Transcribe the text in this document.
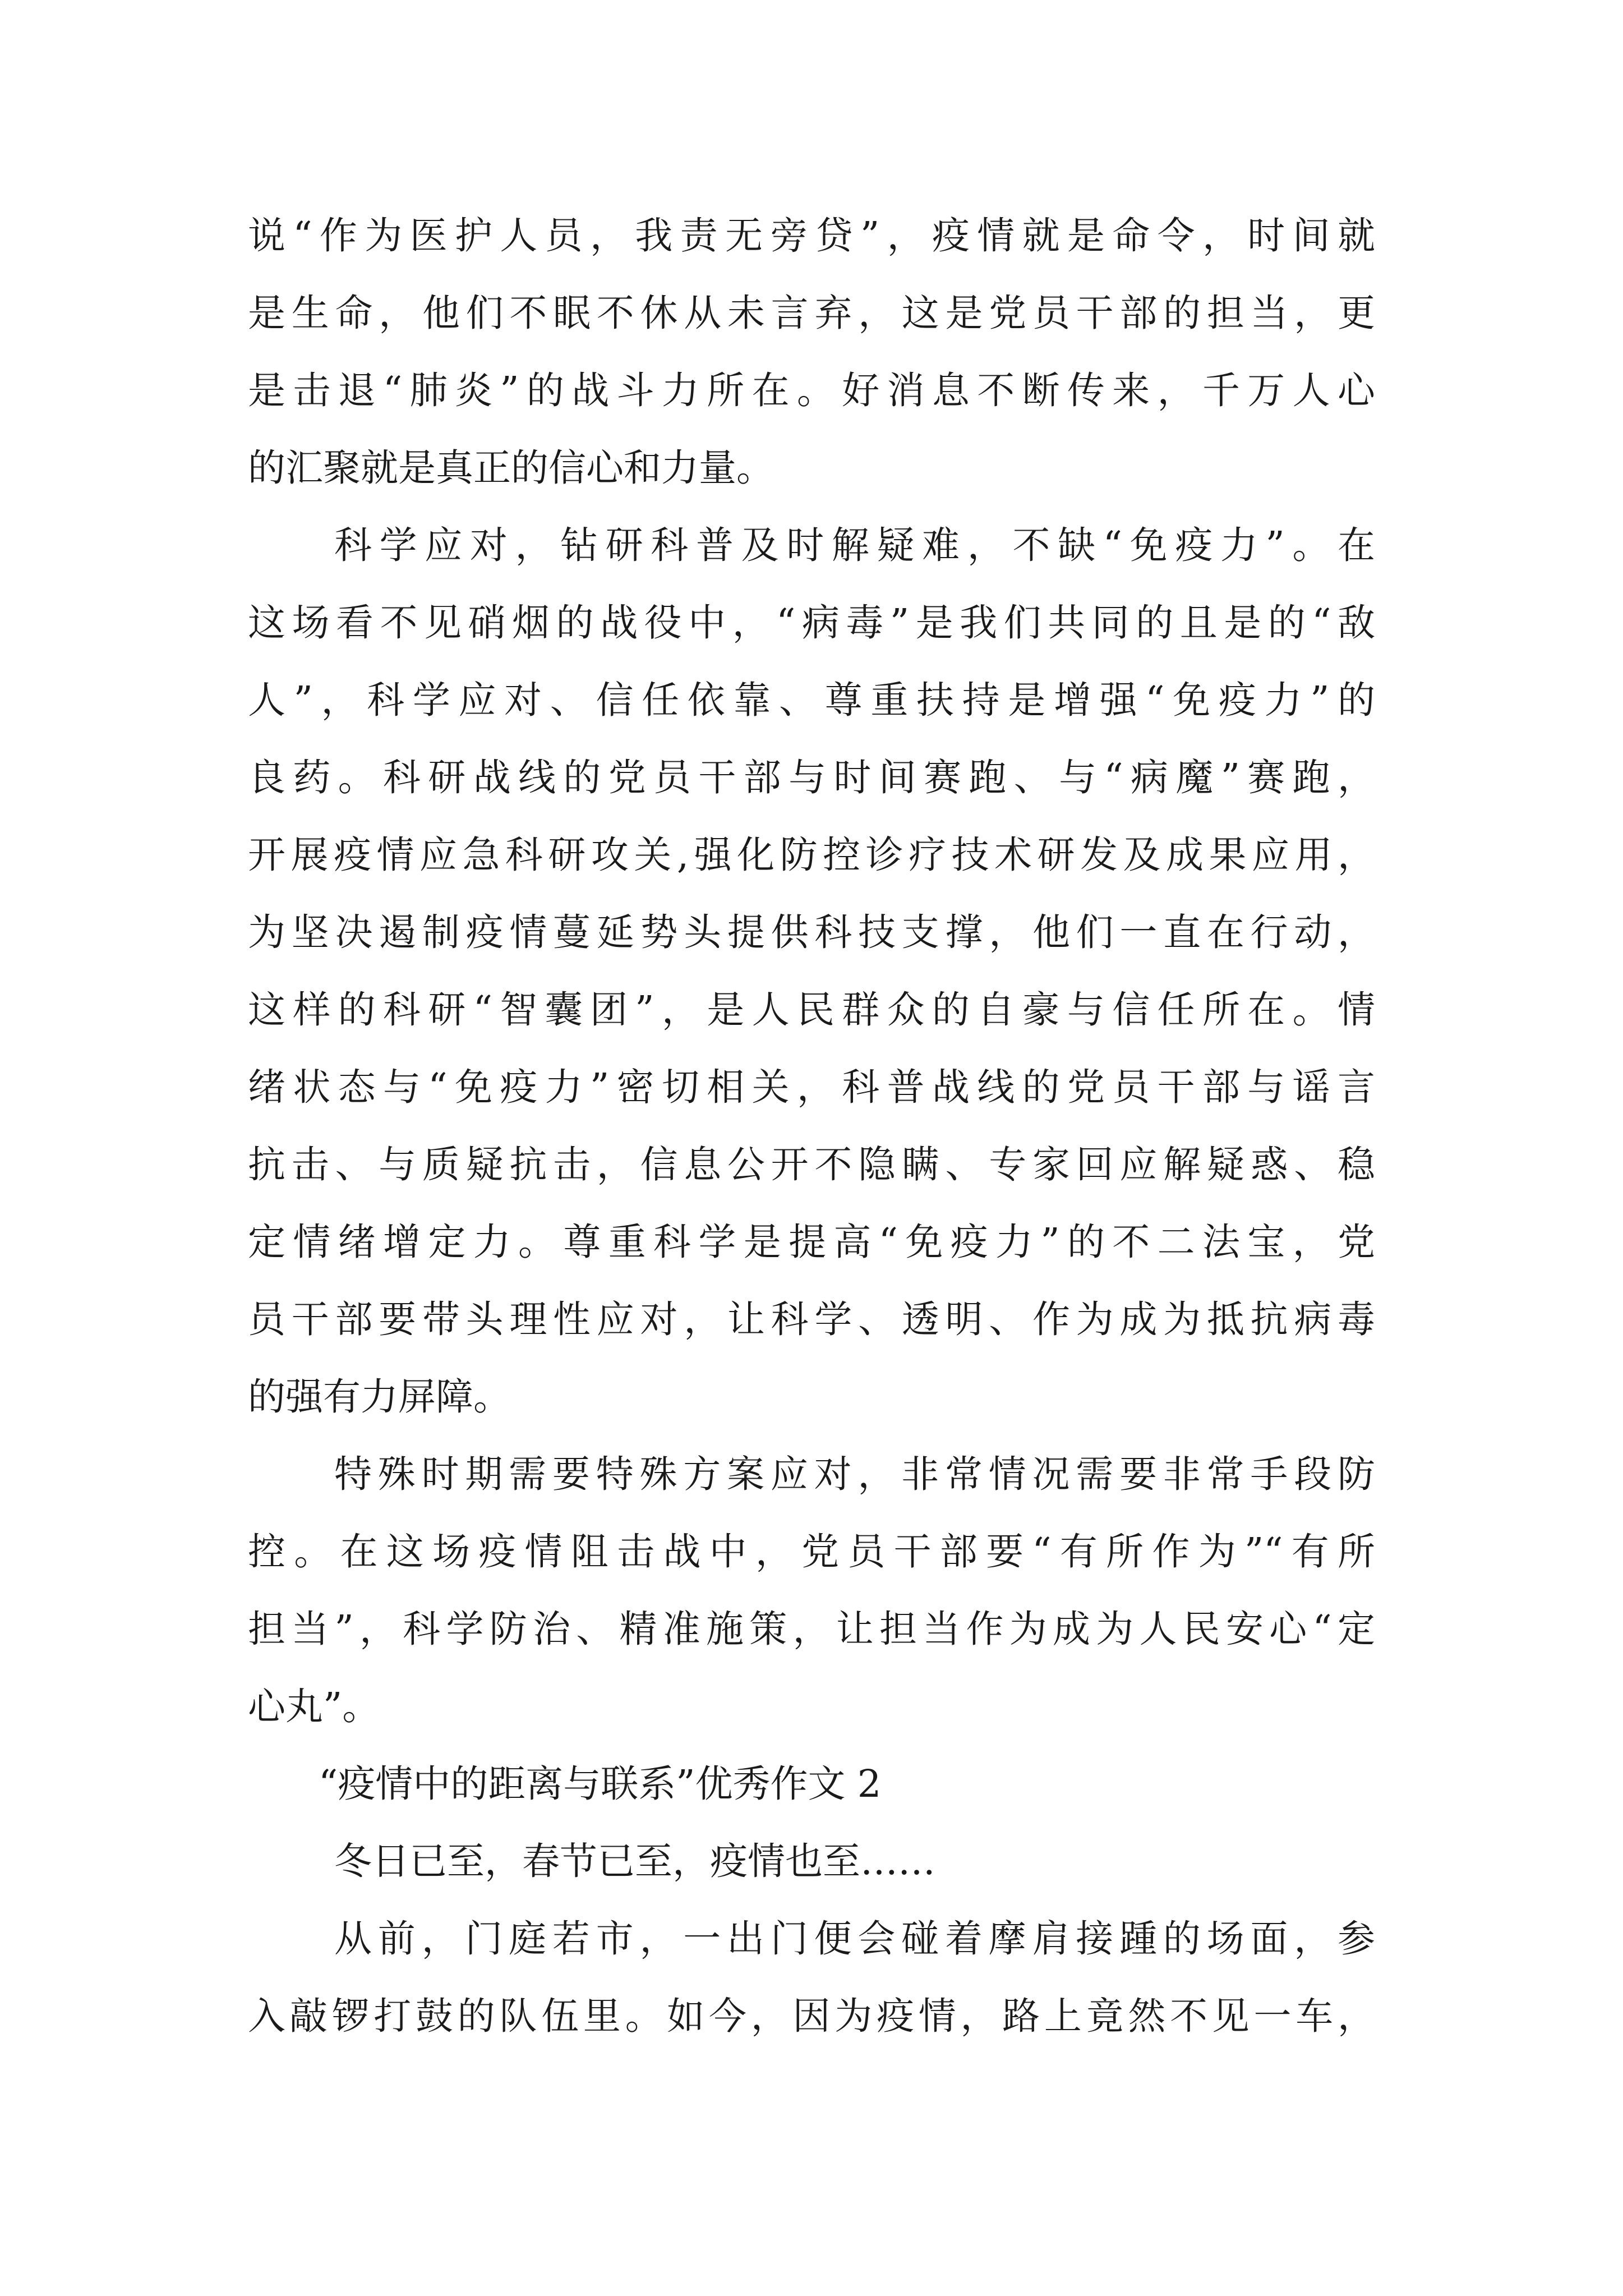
说“作为医护人员，我责无旁贷”，疫情就是命令，时间就
是生命，他们不眠不休从未言弃，这是党员干部的担当，更
是击退“肺炎”的战斗力所在。好消息不断传来，千万人心
的汇聚就是真正的信心和力量。
科学应对，钻研科普及时解疑难，不缺“免疫力”。在
这场看不见硝烟的战役中，“病毒”是我们共同的且是的“敌
人”，科学应对、信任依靠、尊重扶持是增强“免疫力”的
良药。科研战线的党员干部与时间赛跑、与“病魔”赛跑，
开展疫情应急科研攻关,强化防控诊疗技术研发及成果应用，
为坚决遏制疫情蔓延势头提供科技支撑，他们一直在行动，
这样的科研“智囊团”，是人民群众的自豪与信任所在。情
绪状态与“免疫力”密切相关，科普战线的党员干部与谣言
抗击、与质疑抗击，信息公开不隐瞒、专家回应解疑惑、稳
定情绪增定力。尊重科学是提高“免疫力”的不二法宝，党
员干部要带头理性应对，让科学、透明、作为成为抵抗病毒
的强有力屏障。
特殊时期需要特殊方案应对，非常情况需要非常手段防
控。在这场疫情阻击战中，党员干部要“有所作为”“有所
担当”，科学防治、精准施策，让担当作为成为人民安心“定
心丸”。
“疫情中的距离与联系”优秀作文 2
冬日已至，春节已至，疫情也至……
从前，门庭若市，一出门便会碰着摩肩接踵的场面，参
入敲锣打鼓的队伍里。如今，因为疫情，路上竟然不见一车，
